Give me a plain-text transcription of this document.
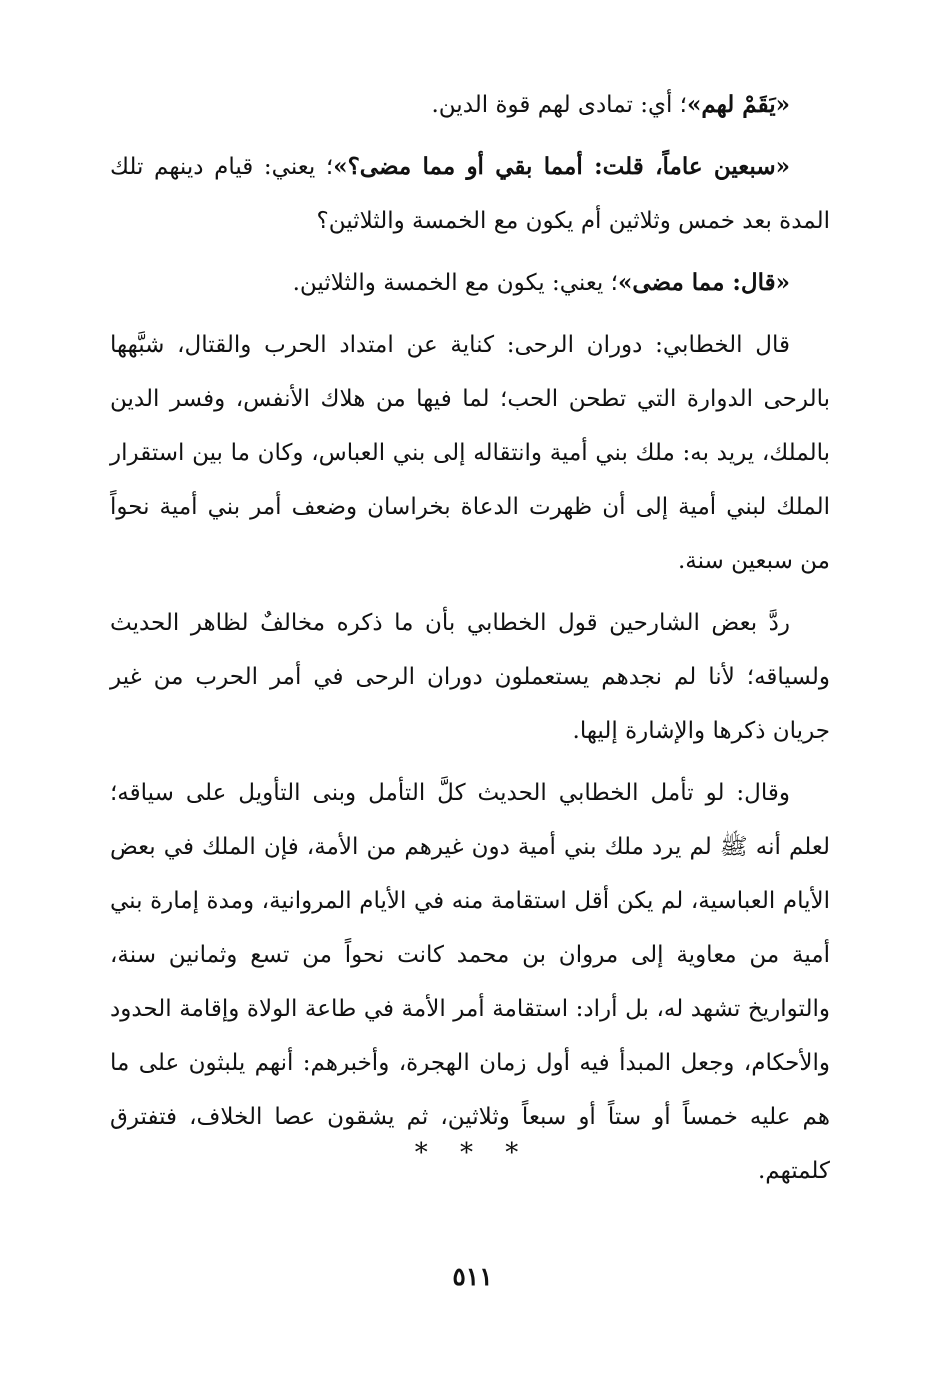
«يَقَمْ لهم»؛ أي: تمادى لهم قوة الدين.

«سبعين عاماً، قلت: أمما بقي أو مما مضى؟»؛ يعني: قيام دينهم تلك المدة بعد خمس وثلاثين أم يكون مع الخمسة والثلاثين؟

«قال: مما مضى»؛ يعني: يكون مع الخمسة والثلاثين.

قال الخطابي: دوران الرحى: كناية عن امتداد الحرب والقتال، شبَّهها بالرحى الدوارة التي تطحن الحب؛ لما فيها من هلاك الأنفس، وفسر الدين بالملك، يريد به: ملك بني أمية وانتقاله إلى بني العباس، وكان ما بين استقرار الملك لبني أمية إلى أن ظهرت الدعاة بخراسان وضعف أمر بني أمية نحواً من سبعين سنة.

ردَّ بعض الشارحين قول الخطابي بأن ما ذكره مخالفٌ لظاهر الحديث ولسياقه؛ لأنا لم نجدهم يستعملون دوران الرحى في أمر الحرب من غير جريان ذكرها والإشارة إليها.

وقال: لو تأمل الخطابي الحديث كلَّ التأمل وبنى التأويل على سياقه؛ لعلم أنه ﷺ لم يرد ملك بني أمية دون غيرهم من الأمة، فإن الملك في بعض الأيام العباسية، لم يكن أقل استقامة منه في الأيام المروانية، ومدة إمارة بني أمية من معاوية إلى مروان بن محمد كانت نحواً من تسع وثمانين سنة، والتواريخ تشهد له، بل أراد: استقامة أمر الأمة في طاعة الولاة وإقامة الحدود والأحكام، وجعل المبدأ فيه أول زمان الهجرة، وأخبرهم: أنهم يلبثون على ما هم عليه خمساً أو ستاً أو سبعاً وثلاثين، ثم يشقون عصا الخلاف، فتفترق كلمتهم.

* * *
٥١١
